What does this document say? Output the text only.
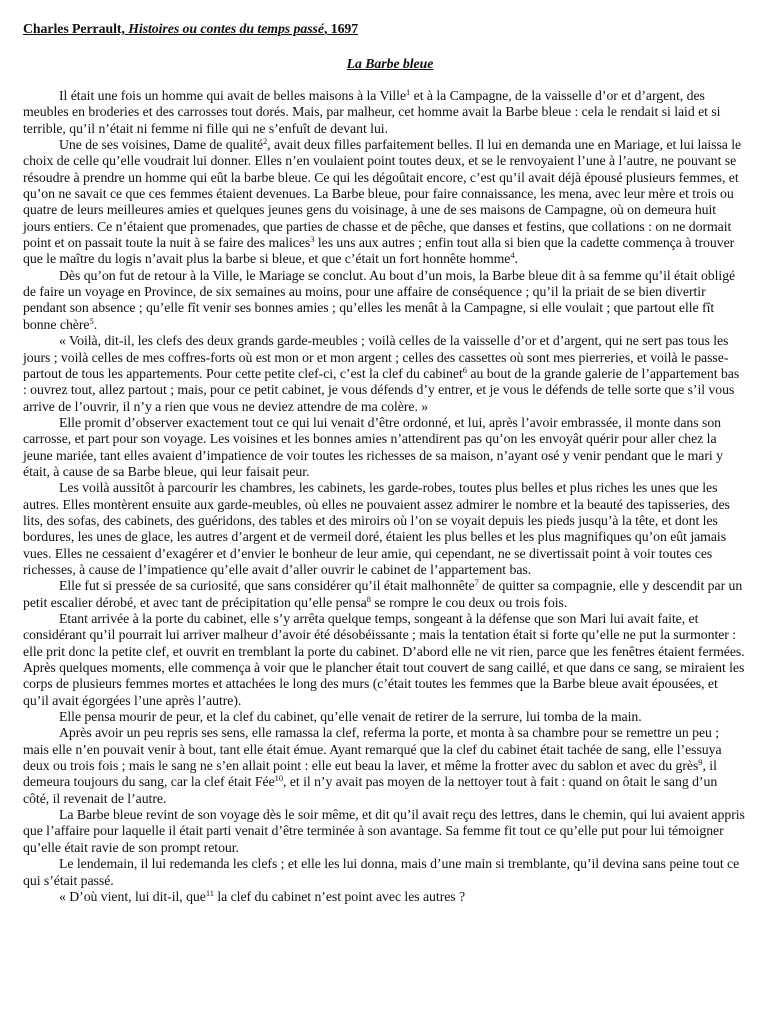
Charles Perrault, Histoires ou contes du temps passé, 1697
La Barbe bleue

Il était une fois un homme qui avait de belles maisons à la Ville$^1$ et à la Campagne, de la vaisselle d’or et d’argent, des meubles en broderies et des carrosses tout dorés. Mais, par malheur, cet homme avait la Barbe bleue : cela le rendait si laid et si terrible, qu’il n’était ni femme ni fille qui ne s’enfuît de devant lui.

Une de ses voisines, Dame de qualité$^2$, avait deux filles parfaitement belles. Il lui en demanda une en Mariage, et lui laissa le choix de celle qu’elle voudrait lui donner. Elles n’en voulaient point toutes deux, et se le renvoyaient l’une à l’autre, ne pouvant se résoudre à prendre un homme qui eût la barbe bleue. Ce qui les dégoûtait encore, c’est qu’il avait déjà épousé plusieurs femmes, et qu’on ne savait ce que ces femmes étaient devenues. La Barbe bleue, pour faire connaissance, les mena, avec leur mère et trois ou quatre de leurs meilleures amies et quelques jeunes gens du voisinage, à une de ses maisons de Campagne, où on demeura huit jours entiers. Ce n’étaient que promenades, que parties de chasse et de pêche, que danses et festins, que collations : on ne dormait point et on passait toute la nuit à se faire des malices$^3$ les uns aux autres ; enfin tout alla si bien que la cadette commença à trouver que le maître du logis n’avait plus la barbe si bleue, et que c’était un fort honnête homme$^4$.

Dès qu’on fut de retour à la Ville, le Mariage se conclut. Au bout d’un mois, la Barbe bleue dit à sa femme qu’il était obligé de faire un voyage en Province, de six semaines au moins, pour une affaire de conséquence ; qu’il la priait de se bien divertir pendant son absence ; qu’elle fît venir ses bonnes amies ; qu’elles les menât à la Campagne, si elle voulait ; que partout elle fît bonne chère$^5$.

« Voilà, dit-il, les clefs des deux grands garde-meubles ; voilà celles de la vaisselle d’or et d’argent, qui ne sert pas tous les jours ; voilà celles de mes coffres-forts où est mon or et mon argent ; celles des cassettes où sont mes pierreries, et voilà le passe-partout de tous les appartements. Pour cette petite clef-ci, c’est la clef du cabinet$^6$ au bout de la grande galerie de l’appartement bas : ouvrez tout, allez partout ; mais, pour ce petit cabinet, je vous défends d’y entrer, et je vous le défends de telle sorte que s’il vous arrive de l’ouvrir, il n’y a rien que vous ne deviez attendre de ma colère. »

Elle promit d’observer exactement tout ce qui lui venait d’être ordonné, et lui, après l’avoir embrassée, il monte dans son carrosse, et part pour son voyage. Les voisines et les bonnes amies n’attendirent pas qu’on les envoyât quérir pour aller chez la jeune mariée, tant elles avaient d’impatience de voir toutes les richesses de sa maison, n’ayant osé y venir pendant que le mari y était, à cause de sa Barbe bleue, qui leur faisait peur.

Les voilà aussitôt à parcourir les chambres, les cabinets, les garde-robes, toutes plus belles et plus riches les unes que les autres. Elles montèrent ensuite aux garde-meubles, où elles ne pouvaient assez admirer le nombre et la beauté des tapisseries, des lits, des sofas, des cabinets, des guéridons, des tables et des miroirs où l’on se voyait depuis les pieds jusqu’à la tête, et dont les bordures, les unes de glace, les autres d’argent et de vermeil doré, étaient les plus belles et les plus magnifiques qu’on eût jamais vues. Elles ne cessaient d’exagérer et d’envier le bonheur de leur amie, qui cependant, ne se divertissait point à voir toutes ces richesses, à cause de l’impatience qu’elle avait d’aller ouvrir le cabinet de l’appartement bas.

Elle fut si pressée de sa curiosité, que sans considérer qu’il était malhonnête$^7$ de quitter sa compagnie, elle y descendit par un petit escalier dérobé, et avec tant de précipitation qu’elle pensa$^8$ se rompre le cou deux ou trois fois.

Etant arrivée à la porte du cabinet, elle s’y arrêta quelque temps, songeant à la défense que son Mari lui avait faite, et considérant qu’il pourrait lui arriver malheur d’avoir été désobéissante ; mais la tentation était si forte qu’elle ne put la surmonter : elle prit donc la petite clef, et ouvrit en tremblant la porte du cabinet. D’abord elle ne vit rien, parce que les fenêtres étaient fermées. Après quelques moments, elle commença à voir que le plancher était tout couvert de sang caillé, et que dans ce sang, se miraient les corps de plusieurs femmes mortes et attachées le long des murs (c’était toutes les femmes que la Barbe bleue avait épousées, et qu’il avait égorgées l’une après l’autre).

Elle pensa mourir de peur, et la clef du cabinet, qu’elle venait de retirer de la serrure, lui tomba de la main.

Après avoir un peu repris ses sens, elle ramassa la clef, referma la porte, et monta à sa chambre pour se remettre un peu ; mais elle n’en pouvait venir à bout, tant elle était émue. Ayant remarqué que la clef du cabinet était tachée de sang, elle l’essuya deux ou trois fois ; mais le sang ne s’en allait point : elle eut beau la laver, et même la frotter avec du sablon et avec du grès$^9$, il demeura toujours du sang, car la clef était Fée$^{10}$, et il n’y avait pas moyen de la nettoyer tout à fait : quand on ôtait le sang d’un côté, il revenait de l’autre.

La Barbe bleue revint de son voyage dès le soir même, et dit qu’il avait reçu des lettres, dans le chemin, qui lui avaient appris que l’affaire pour laquelle il était parti venait d’être terminée à son avantage. Sa femme fit tout ce qu’elle put pour lui témoigner qu’elle était ravie de son prompt retour.

Le lendemain, il lui redemanda les clefs ; et elle les lui donna, mais d’une main si tremblante, qu’il devina sans peine tout ce qui s’était passé.

« D’où vient, lui dit-il, que$^{11}$ la clef du cabinet n’est point avec les autres ?
